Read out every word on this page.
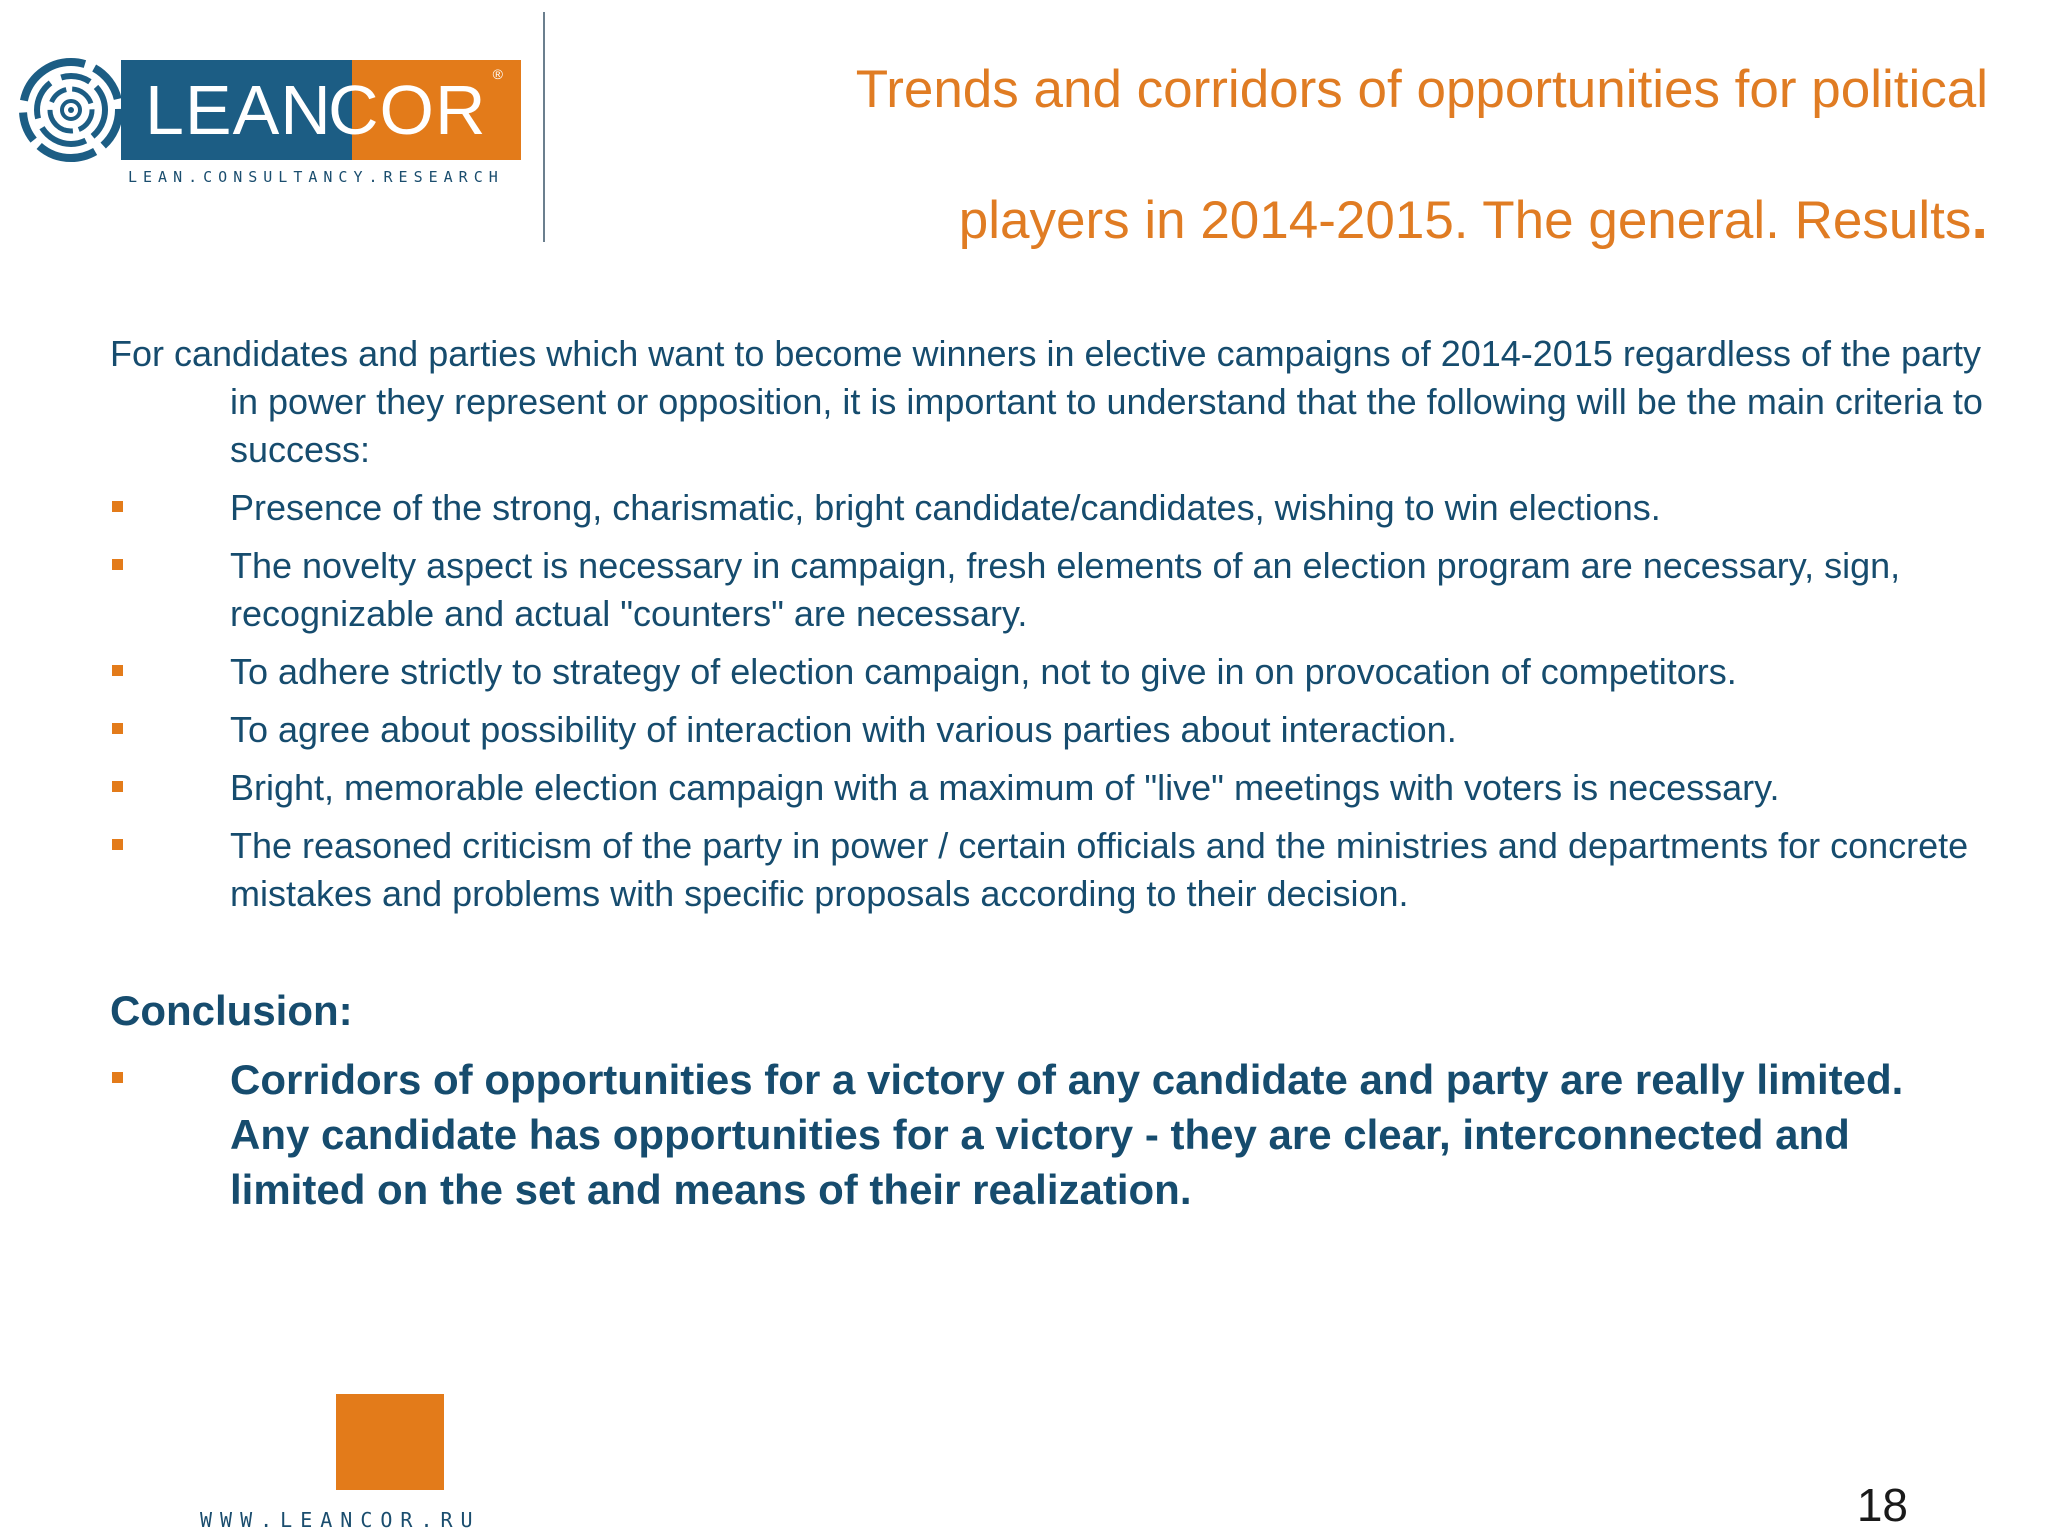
LEAN
COR ®
LEAN.CONSULTANCY.RESEARCH
Trends and corridors of opportunities for political
players in 2014-2015. The general. Results.

For candidates and parties which want to become winners in elective campaigns of 2014-2015 regardless of the party in power they represent or opposition, it is important to understand that the following will be the main criteria to success:

Presence of the strong, charismatic, bright candidate/candidates, wishing to win elections.
The novelty aspect is necessary in campaign, fresh elements of an election program are necessary, sign, recognizable and actual "counters" are necessary.
To adhere strictly to strategy of election campaign, not to give in on provocation of competitors.
To agree about possibility of interaction with various parties about interaction.
Bright, memorable election campaign with a maximum of "live" meetings with voters is necessary.
The reasoned criticism of the party in power / certain officials and the ministries and departments for concrete mistakes and problems with specific proposals according to their decision.
Conclusion:
Corridors of opportunities for a victory of any candidate and party are really limited. Any candidate has opportunities for a victory - they are clear, interconnected and limited on the set and means of their realization.
WWW.LEANCOR.RU	18
